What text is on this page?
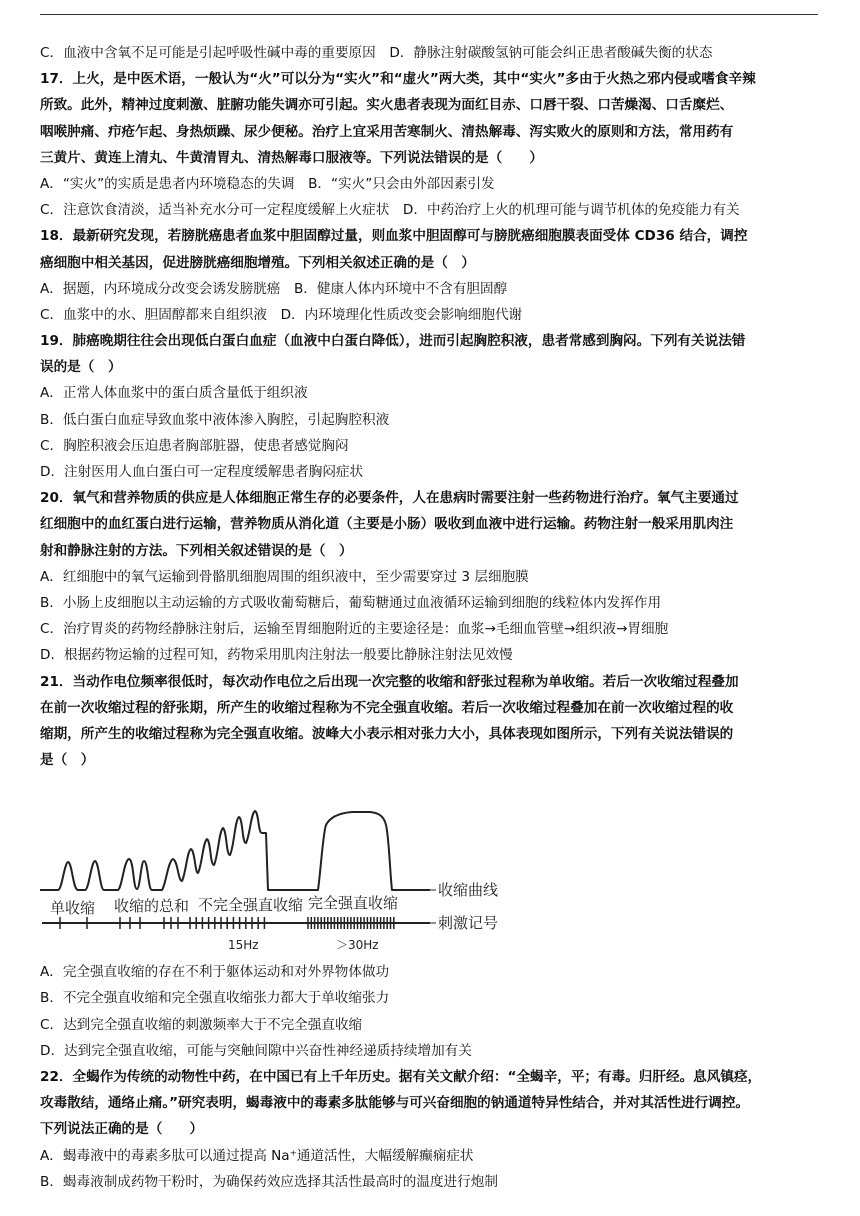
C．血液中含氧不足可能是引起呼吸性碱中毒的重要原因　D．静脉注射碳酸氢钠可能会纠正患者酸碱失衡的状态
17．上火，是中医术语，一般认为“火”可以分为“实火”和“虚火”两大类，其中“实火”多由于火热之邪内侵或嗜食辛辣
所致。此外，精神过度刺激、脏腑功能失调亦可引起。实火患者表现为面红目赤、口唇干裂、口苦燥渴、口舌糜烂、
咽喉肿痛、疖疮乍起、身热烦躁、尿少便秘。治疗上宜采用苦寒制火、清热解毒、泻实败火的原则和方法，常用药有
三黄片、黄连上清丸、牛黄清胃丸、清热解毒口服液等。下列说法错误的是（　　）
A．“实火”的实质是患者内环境稳态的失调　B．“实火”只会由外部因素引发
C．注意饮食清淡，适当补充水分可一定程度缓解上火症状　D．中药治疗上火的机理可能与调节机体的免疫能力有关
18．最新研究发现，若膀胱癌患者血浆中胆固醇过量，则血浆中胆固醇可与膀胱癌细胞膜表面受体 CD36 结合，调控
癌细胞中相关基因，促进膀胱癌细胞增殖。下列相关叙述正确的是（　）
A．据题，内环境成分改变会诱发膀胱癌　B．健康人体内环境中不含有胆固醇
C．血浆中的水、胆固醇都来自组织液　D．内环境理化性质改变会影响细胞代谢
19．肺癌晚期往往会出现低白蛋白血症（血液中白蛋白降低），进而引起胸腔积液，患者常感到胸闷。下列有关说法错
误的是（　）
A．正常人体血浆中的蛋白质含量低于组织液
B．低白蛋白血症导致血浆中液体渗入胸腔，引起胸腔积液
C．胸腔积液会压迫患者胸部脏器，使患者感觉胸闷
D．注射医用人血白蛋白可一定程度缓解患者胸闷症状
20．氧气和营养物质的供应是人体细胞正常生存的必要条件，人在患病时需要注射一些药物进行治疗。氧气主要通过
红细胞中的血红蛋白进行运输，营养物质从消化道（主要是小肠）吸收到血液中进行运输。药物注射一般采用肌肉注
射和静脉注射的方法。下列相关叙述错误的是（　）
A．红细胞中的氧气运输到骨骼肌细胞周围的组织液中，至少需要穿过 3 层细胞膜
B．小肠上皮细胞以主动运输的方式吸收葡萄糖后，葡萄糖通过血液循环运输到细胞的线粒体内发挥作用
C．治疗胃炎的药物经静脉注射后，运输至胃细胞附近的主要途径是：血浆→毛细血管壁→组织液→胃细胞
D．根据药物运输的过程可知，药物采用肌肉注射法一般要比静脉注射法见效慢
21．当动作电位频率很低时，每次动作电位之后出现一次完整的收缩和舒张过程称为单收缩。若后一次收缩过程叠加
在前一次收缩过程的舒张期，所产生的收缩过程称为不完全强直收缩。若后一次收缩过程叠加在前一次收缩过程的收
缩期，所产生的收缩过程称为完全强直收缩。波峰大小表示相对张力大小，具体表现如图所示，下列有关说法错误的
是（　）
单收缩 收缩的总和 不完全强直收缩 完全强直收缩
收缩曲线
刺激记号
15Hz	＞30Hz
A．完全强直收缩的存在不利于躯体运动和对外界物体做功
B．不完全强直收缩和完全强直收缩张力都大于单收缩张力
C．达到完全强直收缩的刺激频率大于不完全强直收缩
D．达到完全强直收缩，可能与突触间隙中兴奋性神经递质持续增加有关
22．全蝎作为传统的动物性中药，在中国已有上千年历史。据有关文献介绍：“全蝎辛，平；有毒。归肝经。息风镇痉，
攻毒散结，通络止痛。”研究表明，蝎毒液中的毒素多肽能够与可兴奋细胞的钠通道特异性结合，并对其活性进行调控。
下列说法正确的是（　　）
A．蝎毒液中的毒素多肽可以通过提高 Na⁺通道活性，大幅缓解癫痫症状
B．蝎毒液制成药物干粉时，为确保药效应选择其活性最高时的温度进行炮制
